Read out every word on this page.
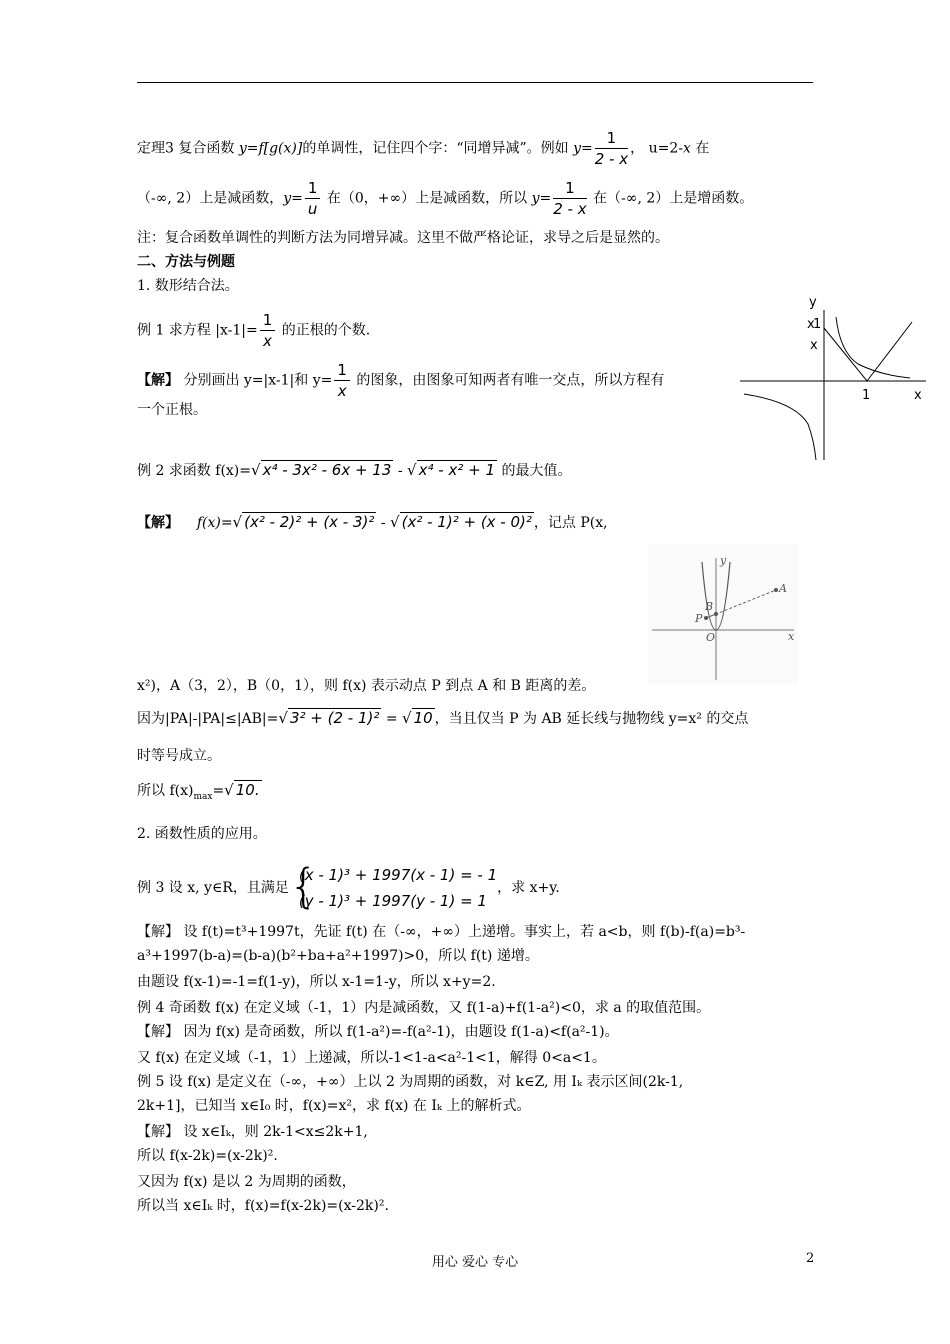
定理3 复合函数 y=f[g(x)]的单调性，记住四个字：“同增异减”。例如 $y= \frac{1}{2 - x}$ ， u=2-x 在
（-∞, 2）上是减函数，$y= \frac{1}{u}$ 在（0，+∞）上是减函数，所以 $y= \frac{1}{2 - x}$ 在（-∞, 2）上是增函数。
注：复合函数单调性的判断方法为同增异减。这里不做严格论证，求导之后是显然的。
二、方法与例题
1. 数形结合法。
例 1 求方程 $|x-1|= \frac{1}{x}$ 的正根的个数.
【解】 分别画出 y=|x-1|和 $y= \frac{1}{x}$ 的图象，由图象可知两者有唯一交点，所以方程有
一个正根。
y
x
1
x
1	x
例 2 求函数 f(x)=√ x⁴ - 3x² - 6x + 13 - √ x⁴ - x² + 1 的最大值。
【解】 f(x)=√ (x² - 2)² + (x - 3)² - √ (x² - 1)² + (x - 0)² ，记点 P(x,
y
x
O
A
B
P
x²)，A（3，2），B（0，1），则 f(x) 表示动点 P 到点 A 和 B 距离的差。
因为|PA|-|PA|≤|AB|=√ 3² + (2 - 1)² = √ 10 ，当且仅当 P 为 AB 延长线与抛物线 y=x² 的交点
时等号成立。
所以 $f(x)_{max}=√$ 10.
2. 函数性质的应用。
例 3 设 x, y∈R，且满足 {
(x - 1)³ + 1997(x - 1) = - 1
(y - 1)³ + 1997(y - 1) = 1
，求 x+y.
【解】 设 f(t)=t³+1997t，先证 f(t) 在（-∞，+∞）上递增。事实上，若 a<b，则 f(b)-f(a)=b³-
a³+1997(b-a)=(b-a)(b²+ba+a²+1997)>0，所以 f(t) 递增。
由题设 f(x-1)=-1=f(1-y)，所以 x-1=1-y，所以 x+y=2.
例 4 奇函数 f(x) 在定义域（-1，1）内是减函数，又 f(1-a)+f(1-a²)<0，求 a 的取值范围。
【解】 因为 f(x) 是奇函数，所以 f(1-a²)=-f(a²-1)，由题设 f(1-a)<f(a²-1)。
又 f(x) 在定义域（-1，1）上递减，所以-1<1-a<a²-1<1，解得 0<a<1。
例 5 设 f(x) 是定义在（-∞，+∞）上以 2 为周期的函数，对 k∈Z, 用 Iₖ 表示区间(2k-1,
2k+1]，已知当 x∈I₀ 时，f(x)=x²，求 f(x) 在 Iₖ 上的解析式。
【解】 设 x∈Iₖ，则 2k-1<x≤2k+1,
所以 f(x-2k)=(x-2k)².
又因为 f(x) 是以 2 为周期的函数，
所以当 x∈Iₖ 时，f(x)=f(x-2k)=(x-2k)².
用心 爱心 专心	2
